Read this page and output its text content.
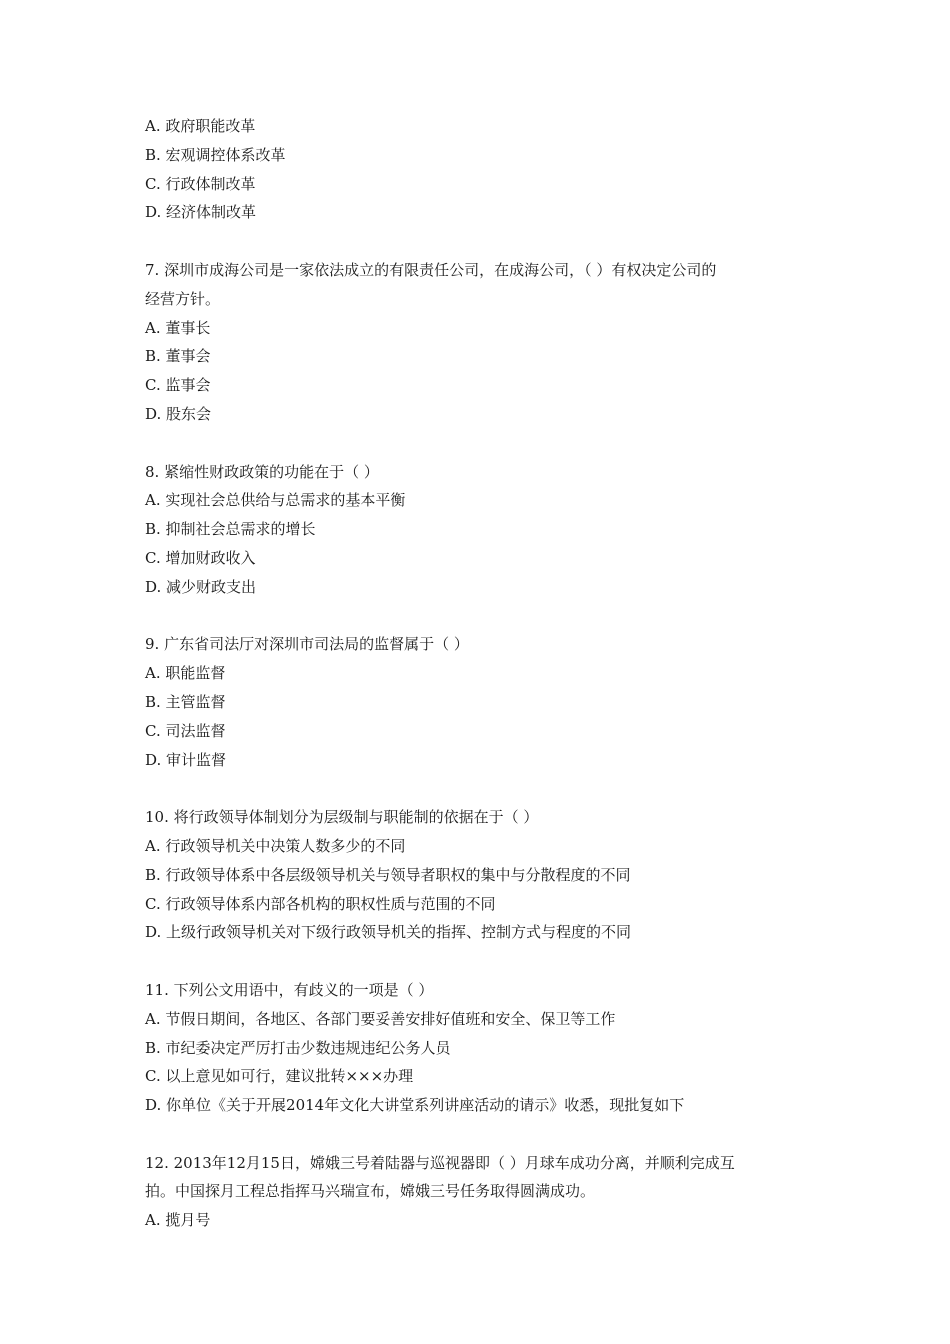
A. 政府职能改革
B. 宏观调控体系改革
C. 行政体制改革
D. 经济体制改革
7. 深圳市成海公司是一家依法成立的有限责任公司，在成海公司，（ ）有权决定公司的
经营方针。
A. 董事长
B. 董事会
C. 监事会
D. 股东会
8. 紧缩性财政政策的功能在于（ ）
A. 实现社会总供给与总需求的基本平衡
B. 抑制社会总需求的增长
C. 增加财政收入
D. 减少财政支出
9. 广东省司法厅对深圳市司法局的监督属于（ ）
A. 职能监督
B. 主管监督
C. 司法监督
D. 审计监督
10. 将行政领导体制划分为层级制与职能制的依据在于（ ）
A. 行政领导机关中决策人数多少的不同
B. 行政领导体系中各层级领导机关与领导者职权的集中与分散程度的不同
C. 行政领导体系内部各机构的职权性质与范围的不同
D. 上级行政领导机关对下级行政领导机关的指挥、控制方式与程度的不同
11. 下列公文用语中，有歧义的一项是（ ）
A. 节假日期间，各地区、各部门要妥善安排好值班和安全、保卫等工作
B. 市纪委决定严厉打击少数违规违纪公务人员
C. 以上意见如可行，建议批转×××办理
D. 你单位《关于开展2014年文化大讲堂系列讲座活动的请示》收悉，现批复如下
12. 2013年12月15日，嫦娥三号着陆器与巡视器即（ ）月球车成功分离，并顺利完成互
拍。中国探月工程总指挥马兴瑞宣布，嫦娥三号任务取得圆满成功。
A. 揽月号
